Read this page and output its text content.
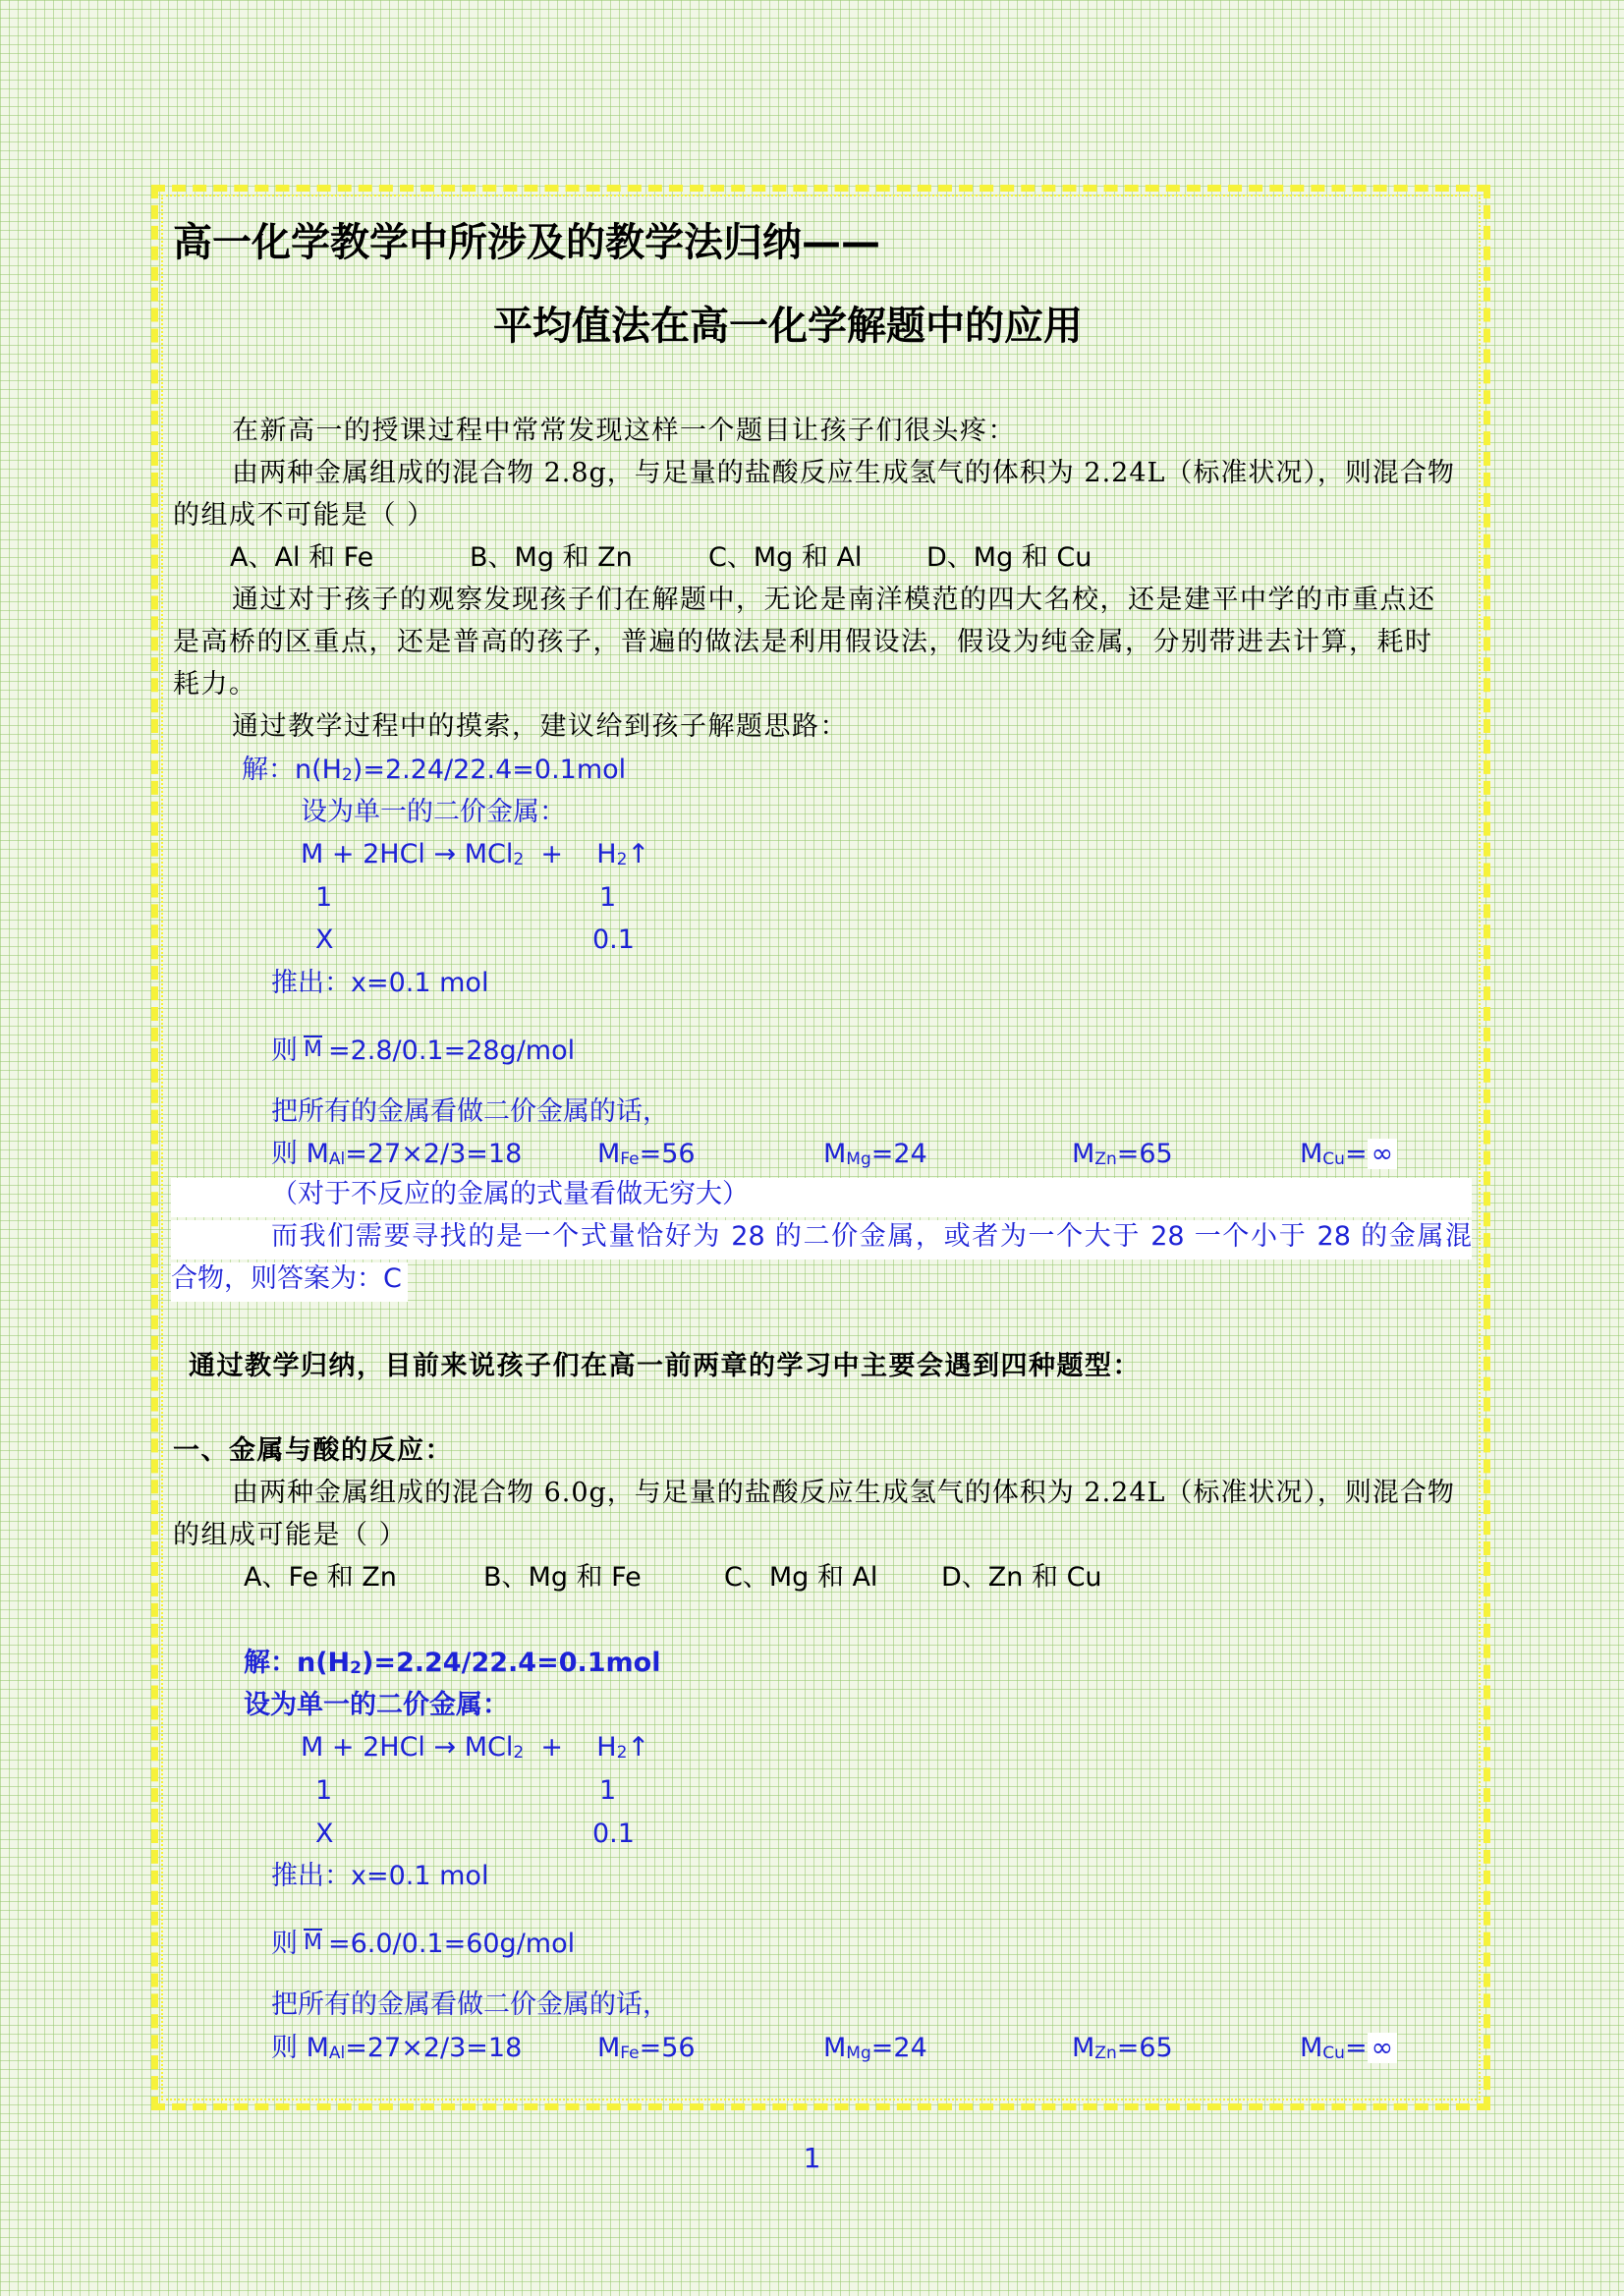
高一化学教学中所涉及的教学法归纳——
平均值法在高一化学解题中的应用
在新高一的授课过程中常常发现这样一个题目让孩子们很头疼：
由两种金属组成的混合物 2.8g，与足量的盐酸反应生成氢气的体积为 2.24L（标准状况），则混合物
的组成不可能是（ ）
A、Al 和 Fe	B、Mg 和 Zn	C、Mg 和 Al D、Mg 和 Cu
通过对于孩子的观察发现孩子们在解题中，无论是南洋模范的四大名校，还是建平中学的市重点还
是高桥的区重点，还是普高的孩子，普遍的做法是利用假设法，假设为纯金属，分别带进去计算，耗时
耗力。
通过教学过程中的摸索，建议给到孩子解题思路：
解：n(H2)=2.24/22.4=0.1mol
设为单一的二价金属：
M + 2HCl → MCl2  +    H2↑
1	1
X	0.1
推出：x=0.1 mol
则 $\overline{M} =2.8/0.1=28g/mol$
把所有的金属看做二价金属的话，
则 MAl=27×2/3=18	MFe=56	MMg=24	MZn=65	MCu= ∞
（对于不反应的金属的式量看做无穷大）
而我们需要寻找的是一个式量恰好为 28 的二价金属，或者为一个大于 28 一个小于 28 的金属混
合物，则答案为：C
通过教学归纳，目前来说孩子们在高一前两章的学习中主要会遇到四种题型：
一、金属与酸的反应：
由两种金属组成的混合物 6.0g，与足量的盐酸反应生成氢气的体积为 2.24L（标准状况），则混合物
的组成可能是（ ）
A、Fe 和 Zn	B、Mg 和 Fe	C、Mg 和 Al D、Zn 和 Cu
解：n(H2)=2.24/22.4=0.1mol
设为单一的二价金属：
M + 2HCl → MCl2  +    H2↑
1	1
X	0.1
推出：x=0.1 mol
则 $\overline{M} =6.0/0.1=60g/mol$
把所有的金属看做二价金属的话，
则 MAl=27×2/3=18	MFe=56	MMg=24	MZn=65	MCu= ∞
1
